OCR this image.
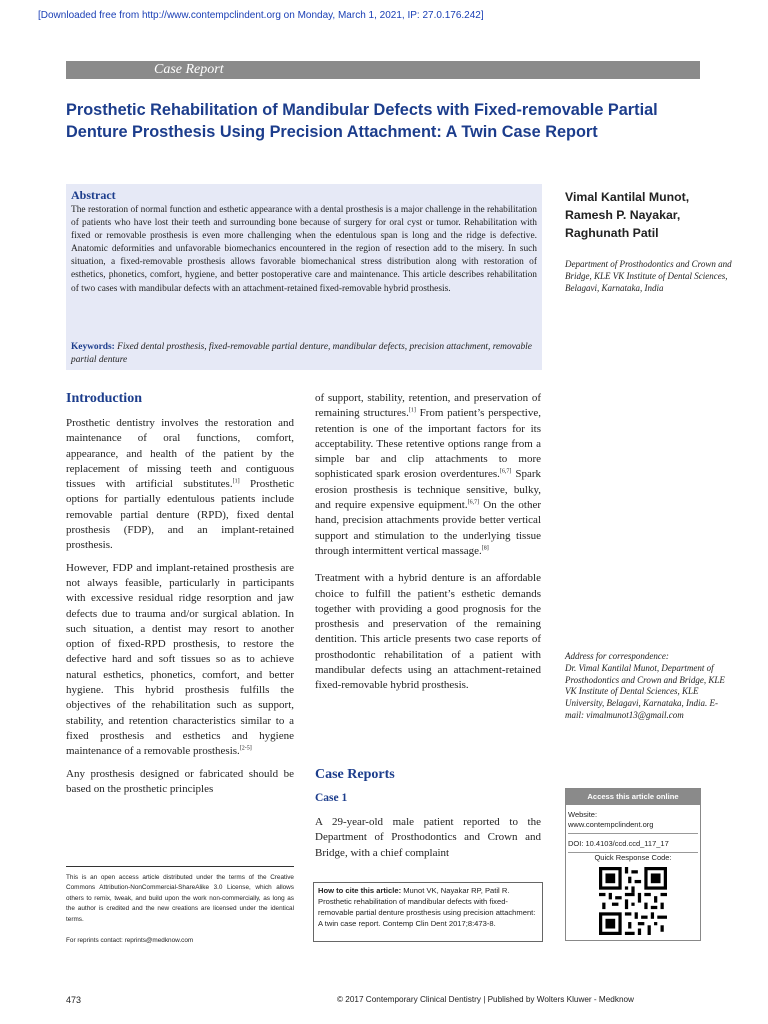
[Downloaded free from http://www.contempclindent.org on Monday, March 1, 2021, IP: 27.0.176.242]
Case Report
Prosthetic Rehabilitation of Mandibular Defects with Fixed-removable Partial Denture Prosthesis Using Precision Attachment: A Twin Case Report
Abstract
The restoration of normal function and esthetic appearance with a dental prosthesis is a major challenge in the rehabilitation of patients who have lost their teeth and surrounding bone because of surgery for oral cyst or tumor. Rehabilitation with fixed or removable prosthesis is even more challenging when the edentulous span is long and the ridge is defective. Anatomic deformities and unfavorable biomechanics encountered in the region of resection add to the misery. In such situation, a fixed-removable prosthesis allows favorable biomechanical stress distribution along with restoration of esthetics, phonetics, comfort, hygiene, and better postoperative care and maintenance. This article describes rehabilitation of two cases with mandibular defects with an attachment-retained fixed-removable hybrid prosthesis.
Keywords: Fixed dental prosthesis, fixed-removable partial denture, mandibular defects, precision attachment, removable partial denture
Vimal Kantilal Munot,
Ramesh P. Nayakar,
Raghunath Patil
Department of Prosthodontics and Crown and Bridge, KLE VK Institute of Dental Sciences, Belagavi, Karnataka, India
Introduction

Prosthetic dentistry involves the restoration and maintenance of oral functions, comfort, appearance, and health of the patient by the replacement of missing teeth and contiguous tissues with artificial substitutes.[1] Prosthetic options for partially edentulous patients include removable partial denture (RPD), fixed dental prosthesis (FDP), and an implant-retained prosthesis.

However, FDP and implant-retained prosthesis are not always feasible, particularly in participants with excessive residual ridge resorption and jaw defects due to trauma and/or surgical ablation. In such situation, a dentist may resort to another option of fixed-RPD prosthesis, to restore the defective hard and soft tissues so as to achieve natural esthetics, phonetics, comfort, and better hygiene. This hybrid prosthesis fulfills the objectives of the rehabilitation such as support, stability, and retention characteristics similar to a fixed prosthesis and esthetics and hygiene maintenance of a removable prosthesis.[2-5]

Any prosthesis designed or fabricated should be based on the prosthetic principles

of support, stability, retention, and preservation of remaining structures.[1] From patient’s perspective, retention is one of the important factors for its acceptability. These retentive options range from a simple bar and clip attachments to more sophisticated spark erosion overdentures.[6,7] Spark erosion prosthesis is technique sensitive, bulky, and require expensive equipment.[6,7] On the other hand, precision attachments provide better vertical support and stimulation to the underlying tissue through intermittent vertical massage.[8]

Treatment with a hybrid denture is an affordable choice to fulfill the patient’s esthetic demands together with providing a good prognosis for the prosthesis and preservation of the remaining dentition. This article presents two case reports of prosthodontic rehabilitation of a patient with mandibular defects using an attachment-retained fixed-removable hybrid prosthesis.

Case Reports
Case 1
A 29-year-old male patient reported to the Department of Prosthodontics and Crown and Bridge, with a chief complaint
This is an open access article distributed under the terms of the Creative Commons Attribution-NonCommercial-ShareAlike 3.0 License, which allows others to remix, tweak, and build upon the work non-commercially, as long as the author is credited and the new creations are licensed under the identical terms.
For reprints contact: reprints@medknow.com
How to cite this article: Munot VK, Nayakar RP, Patil R. Prosthetic rehabilitation of mandibular defects with fixed-removable partial denture prosthesis using precision attachment: A twin case report. Contemp Clin Dent 2017;8:473-8.
Address for correspondence:
Dr. Vimal Kantilal Munot, Department of Prosthodontics and Crown and Bridge, KLE VK Institute of Dental Sciences, KLE University, Belagavi, Karnataka, India. E-mail: vimalmunot13@gmail.com
Access this article online
Website:
www.contempclindent.org
DOI: 10.4103/ccd.ccd_117_17
Quick Response Code:
473	© 2017 Contemporary Clinical Dentistry | Published by Wolters Kluwer - Medknow
